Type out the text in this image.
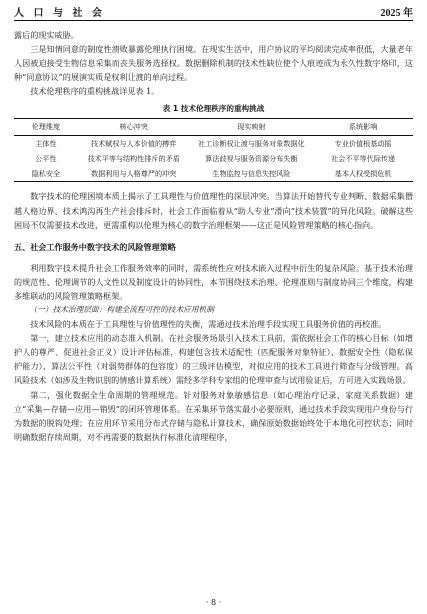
人 口 与 社 会	2025 年

露后的现实威胁。

三是知情同意的制度性溃败暴露伦理执行困境。在现实生活中，用户协议的平均阅读完成率很低，大量老年人因被迫接受生物信息采集而丧失服务选择权。数据删除机制的技术性缺位使个人痕迹成为永久性数字烙印，这种“同意协议”的展演实质是权利让渡的单向过程。

技术伦理秩序的重构挑战详见表 1。

表 1 技术伦理秩序的重构挑战
伦理维度	核心冲突	现实映射	系统影响
主体性	技术赋权与人本价值的搏弈	社工诊断权让渡与服务对象数据化	专业价值根基动摇
公平性	技术平等与结构性排斥的矛盾	算法歧视与服务资源分布失衡	社会不平等代际传递
隐私安全	数据利用与人格尊严的冲突	生物监控与信息失控风险	基本人权受损危机

数字技术的伦理困境本质上揭示了工具理性与价值理性的深层冲突。当算法开始替代专业判断、数据采集僭越人格边界、技术鸿沟再生产社会排斥时，社会工作面临着从“助人专业”滑向“技术装置”的异化风险。破解这些困局不仅需要技术改进，更需重构以伦理为核心的数字治理框架——这正是风险管理策略的核心指向。

五、社会工作服务中数字技术的风险管理策略

利用数字技术提升社会工作服务效率的同时，需系统性应对技术嵌入过程中衍生的复杂风险。基于技术治理的规范性、伦理调节的人文性以及制度设计的协同性，本节围绕技术治理、伦理准则与制度协同三个维度，构建多维联动的风险管理策略框架。

（一）技术治理层面：构建全流程可控的技术应用机制

技术风险的本质在于工具理性与价值理性的失衡，需通过技术治理手段实现工具服务价值的再校准。

第一，建立技术应用的动态准入机制。在社会服务场景引入技术工具前，需依据社会工作的核心目标（如增护人的尊严、促进社会正义）设计评估标准，构建包含技术适配性（匹配服务对象特征）、数据安全性（隐私保护能力）、算法公平性（对弱势群体的包容度）的三级评估模型，对拟应用的技术工具进行筛查与分级管理。高风险技术（如涉及生物识别的情感计算系统）需经多学科专家组的伦理审查与试用验证后，方可进入实践场景。

第二，强化数据全生命周期的管理规范。针对服务对象敏感信息（如心理治疗记录、家庭关系数据）建立“采集—存储—应用—销毁”的闭环管理体系。在采集环节落实最小必要原则，通过技术手段实现用户身份与行为数据的脱钩处理；在应用环节采用分布式存储与隐私计算技术，确保原始数据始终处于本地化可控状态；同时明确数据存续周期，对不再需要的数据执行标准化清理程序，

· 8 ·
